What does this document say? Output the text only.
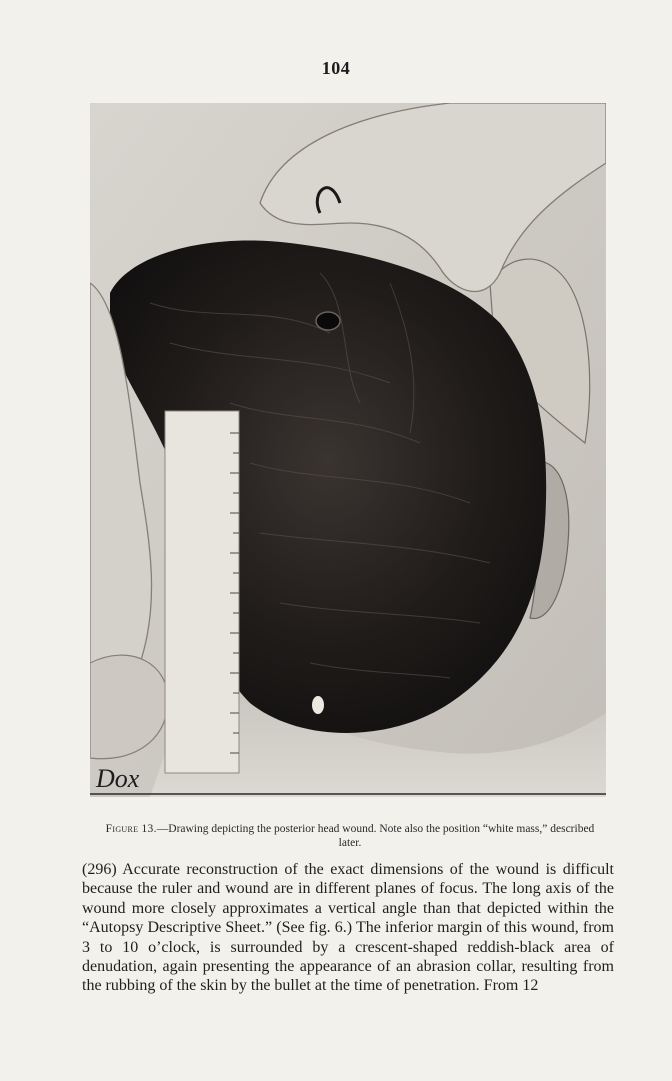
104
Dox
Figure 13.—Drawing depicting the posterior head wound. Note also the position “white mass,” described later.

(296) Accurate reconstruction of the exact dimensions of the wound is difficult because the ruler and wound are in different planes of focus. The long axis of the wound more closely approximates a vertical angle than that depicted within the “Autopsy Descriptive Sheet.” (See fig. 6.) The inferior margin of this wound, from 3 to 10 o’clock, is surrounded by a crescent-shaped reddish-black area of denudation, again presenting the appearance of an abrasion collar, resulting from the rubbing of the skin by the bullet at the time of penetration. From 12
